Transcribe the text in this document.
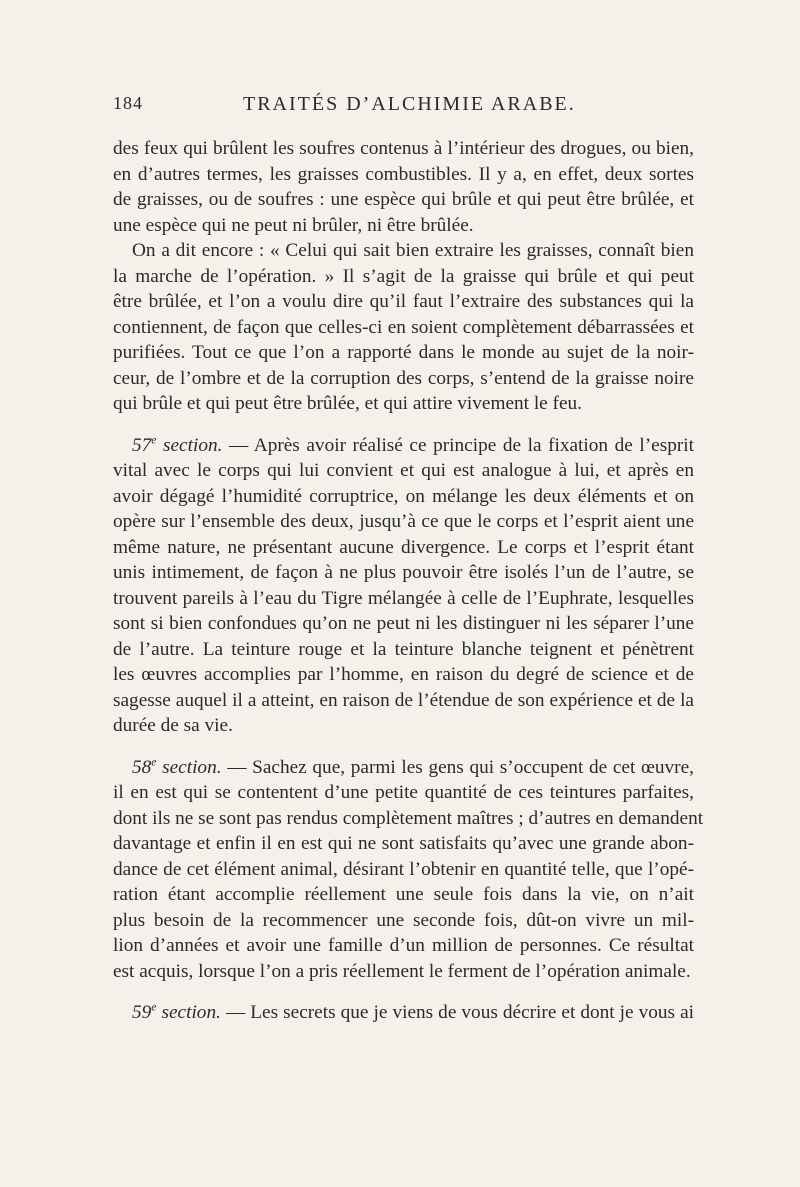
184	TRAITÉS D’ALCHIMIE ARABE.
des feux qui brûlent les soufres contenus à l’intérieur des drogues, ou bien,
en d’autres termes, les graisses combustibles. Il y a, en effet, deux sortes
de graisses, ou de soufres : une espèce qui brûle et qui peut être brûlée, et
une espèce qui ne peut ni brûler, ni être brûlée.
On a dit encore : « Celui qui sait bien extraire les graisses, connaît bien
la marche de l’opération. » Il s’agit de la graisse qui brûle et qui peut
être brûlée, et l’on a voulu dire qu’il faut l’extraire des substances qui la
contiennent, de façon que celles-ci en soient complètement débarrassées et
purifiées. Tout ce que l’on a rapporté dans le monde au sujet de la noir-
ceur, de l’ombre et de la corruption des corps, s’entend de la graisse noire
qui brûle et qui peut être brûlée, et qui attire vivement le feu.
57e section. — Après avoir réalisé ce principe de la fixation de l’esprit
vital avec le corps qui lui convient et qui est analogue à lui, et après en
avoir dégagé l’humidité corruptrice, on mélange les deux éléments et on
opère sur l’ensemble des deux, jusqu’à ce que le corps et l’esprit aient une
même nature, ne présentant aucune divergence. Le corps et l’esprit étant
unis intimement, de façon à ne plus pouvoir être isolés l’un de l’autre, se
trouvent pareils à l’eau du Tigre mélangée à celle de l’Euphrate, lesquelles
sont si bien confondues qu’on ne peut ni les distinguer ni les séparer l’une
de l’autre. La teinture rouge et la teinture blanche teignent et pénètrent
les œuvres accomplies par l’homme, en raison du degré de science et de
sagesse auquel il a atteint, en raison de l’étendue de son expérience et de la
durée de sa vie.
58e section. — Sachez que, parmi les gens qui s’occupent de cet œuvre,
il en est qui se contentent d’une petite quantité de ces teintures parfaites,
dont ils ne se sont pas rendus complètement maîtres ; d’autres en demandent
davantage et enfin il en est qui ne sont satisfaits qu’avec une grande abon-
dance de cet élément animal, désirant l’obtenir en quantité telle, que l’opé-
ration étant accomplie réellement une seule fois dans la vie, on n’ait
plus besoin de la recommencer une seconde fois, dût-on vivre un mil-
lion d’années et avoir une famille d’un million de personnes. Ce résultat
est acquis, lorsque l’on a pris réellement le ferment de l’opération animale.
59e section. — Les secrets que je viens de vous décrire et dont je vous ai
